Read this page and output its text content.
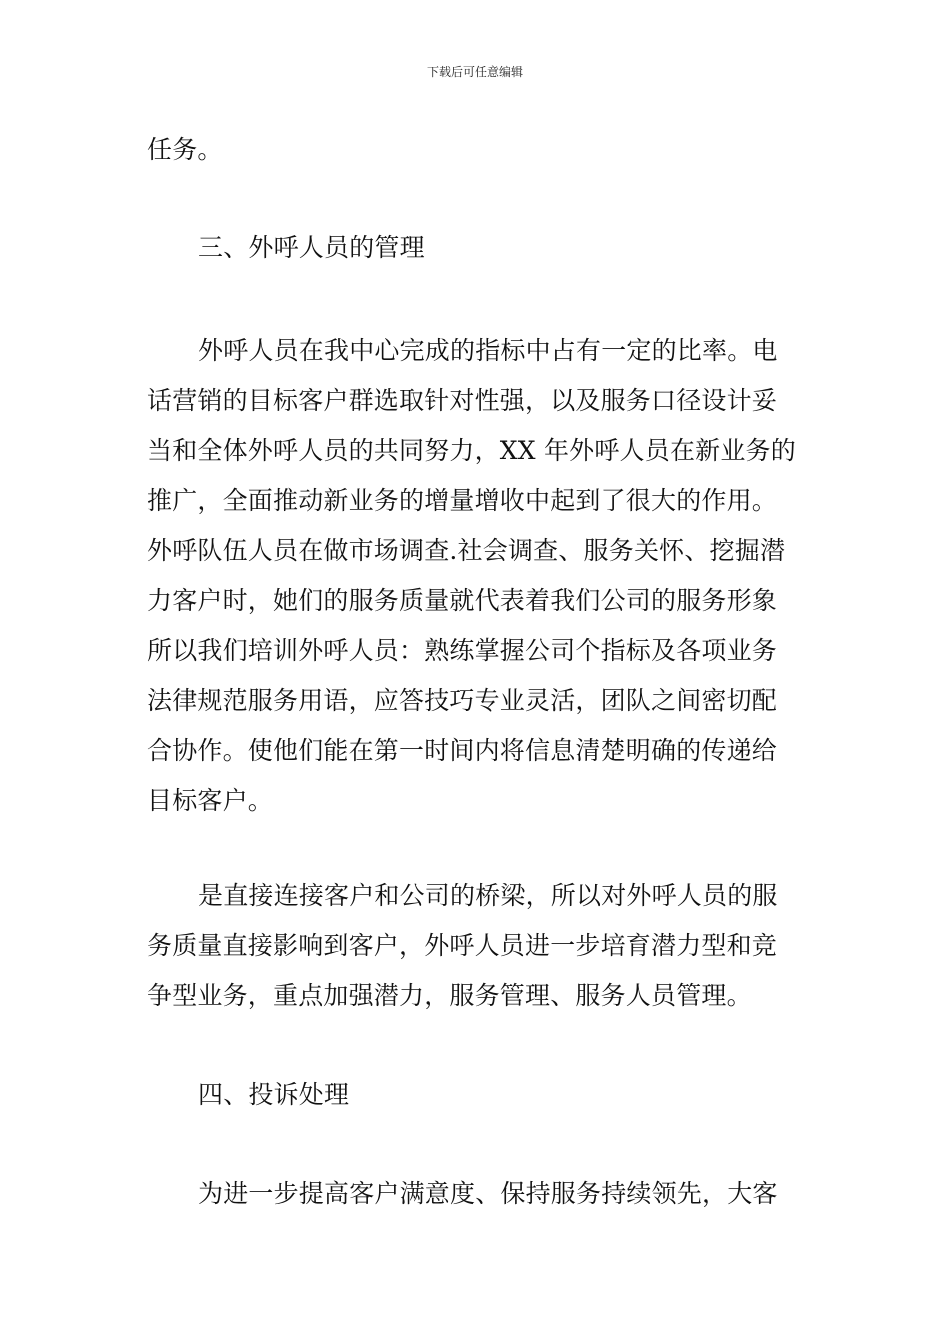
下载后可任意编辑
任务。
三、外呼人员的管理
外呼人员在我中心完成的指标中占有一定的比率。电
话营销的目标客户群选取针对性强，以及服务口径设计妥
当和全体外呼人员的共同努力，XX 年外呼人员在新业务的
推广，全面推动新业务的增量增收中起到了很大的作用。
外呼队伍人员在做市场调查.社会调查、服务关怀、挖掘潜
力客户时，她们的服务质量就代表着我们公司的服务形象
所以我们培训外呼人员：熟练掌握公司个指标及各项业务
法律规范服务用语，应答技巧专业灵活，团队之间密切配
合协作。使他们能在第一时间内将信息清楚明确的传递给
目标客户。
是直接连接客户和公司的桥梁，所以对外呼人员的服
务质量直接影响到客户，外呼人员进一步培育潜力型和竞
争型业务，重点加强潜力，服务管理、服务人员管理。
四、投诉处理
为进一步提高客户满意度、保持服务持续领先，大客
